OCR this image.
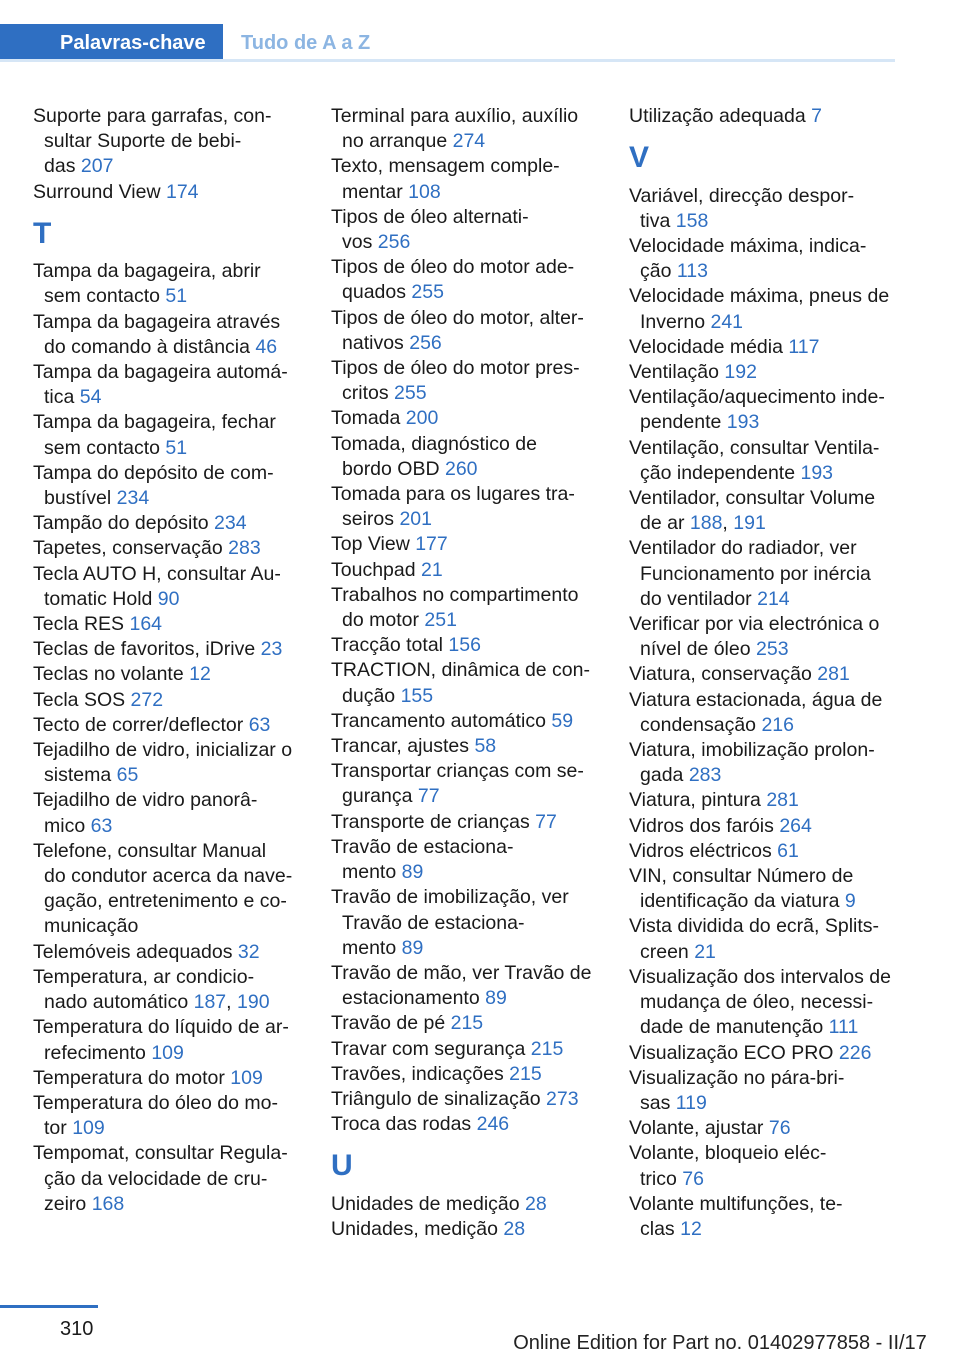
Palavras-chave	Tudo de A a Z
Suporte para garrafas, con‐
sultar Suporte de bebi‐
das 207
Surround View 174
T
Tampa da bagageira, abrir
sem contacto 51
Tampa da bagageira através
do comando à distância 46
Tampa da bagageira automá‐
tica 54
Tampa da bagageira, fechar
sem contacto 51
Tampa do depósito de com‐
bustível 234
Tampão do depósito 234
Tapetes, conservação 283
Tecla AUTO H, consultar Au‐
tomatic Hold 90
Tecla RES 164
Teclas de favoritos, iDrive 23
Teclas no volante 12
Tecla SOS 272
Tecto de correr/deflector 63
Tejadilho de vidro, inicializar o
sistema 65
Tejadilho de vidro panorâ‐
mico 63
Telefone, consultar Manual
do condutor acerca da nave‐
gação, entretenimento e co‐
municação
Telemóveis adequados 32
Temperatura, ar condicio‐
nado automático 187, 190
Temperatura do líquido de ar‐
refecimento 109
Temperatura do motor 109
Temperatura do óleo do mo‐
tor 109
Tempomat, consultar Regula‐
ção da velocidade de cru‐
zeiro 168
Terminal para auxílio, auxílio
no arranque 274
Texto, mensagem comple‐
mentar 108
Tipos de óleo alternati‐
vos 256
Tipos de óleo do motor ade‐
quados 255
Tipos de óleo do motor, alter‐
nativos 256
Tipos de óleo do motor pres‐
critos 255
Tomada 200
Tomada, diagnóstico de
bordo OBD 260
Tomada para os lugares tra‐
seiros 201
Top View 177
Touchpad 21
Trabalhos no compartimento
do motor 251
Tracção total 156
TRACTION, dinâmica de con‐
dução 155
Trancamento automático 59
Trancar, ajustes 58
Transportar crianças com se‐
gurança 77
Transporte de crianças 77
Travão de estaciona‐
mento 89
Travão de imobilização, ver
Travão de estaciona‐
mento 89
Travão de mão, ver Travão de
estacionamento 89
Travão de pé 215
Travar com segurança 215
Travões, indicações 215
Triângulo de sinalização 273
Troca das rodas 246
U
Unidades de medição 28
Unidades, medição 28
Utilização adequada 7
V
Variável, direcção despor‐
tiva 158
Velocidade máxima, indica‐
ção 113
Velocidade máxima, pneus de
Inverno 241
Velocidade média 117
Ventilação 192
Ventilação/aquecimento inde‐
pendente 193
Ventilação, consultar Ventila‐
ção independente 193
Ventilador, consultar Volume
de ar 188, 191
Ventilador do radiador, ver
Funcionamento por inércia
do ventilador 214
Verificar por via electrónica o
nível de óleo 253
Viatura, conservação 281
Viatura estacionada, água de
condensação 216
Viatura, imobilização prolon‐
gada 283
Viatura, pintura 281
Vidros dos faróis 264
Vidros eléctricos 61
VIN, consultar Número de
identificação da viatura 9
Vista dividida do ecrã, Splits‐
creen 21
Visualização dos intervalos de
mudança de óleo, necessi‐
dade de manutenção 111
Visualização ECO PRO 226
Visualização no pára-bri‐
sas 119
Volante, ajustar 76
Volante, bloqueio eléc‐
trico 76
Volante multifunções, te‐
clas 12
310
Online Edition for Part no. 01402977858 - II/17
